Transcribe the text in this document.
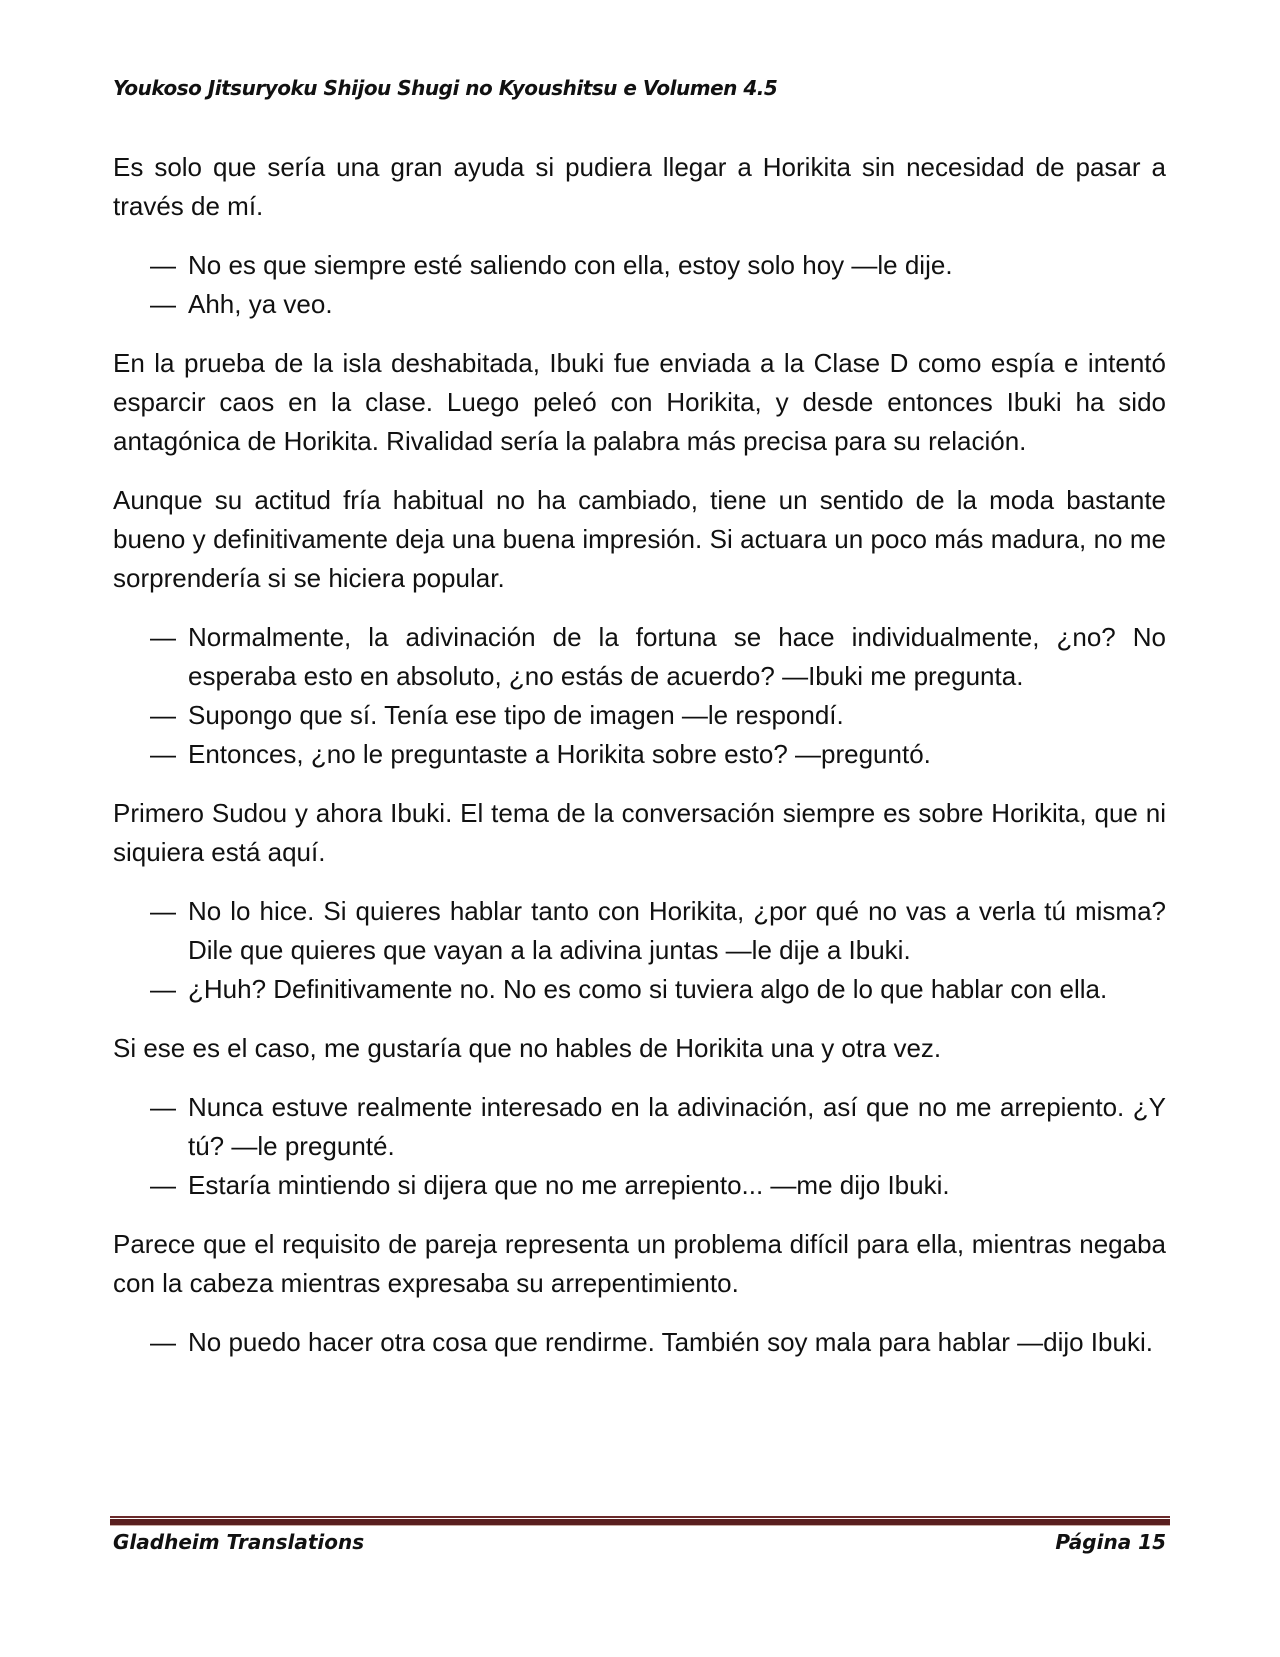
Youkoso Jitsuryoku Shijou Shugi no Kyoushitsu e Volumen 4.5
Es solo que sería una gran ayuda si pudiera llegar a Horikita sin necesidad de pasar a través de mí.
— No es que siempre esté saliendo con ella, estoy solo hoy —le dije.
— Ahh, ya veo.
En la prueba de la isla deshabitada, Ibuki fue enviada a la Clase D como espía e intentó esparcir caos en la clase. Luego peleó con Horikita, y desde entonces Ibuki ha sido antagónica de Horikita. Rivalidad sería la palabra más precisa para su relación.
Aunque su actitud fría habitual no ha cambiado, tiene un sentido de la moda bastante bueno y definitivamente deja una buena impresión. Si actuara un poco más madura, no me sorprendería si se hiciera popular.
— Normalmente, la adivinación de la fortuna se hace individualmente, ¿no? No esperaba esto en absoluto, ¿no estás de acuerdo? —Ibuki me pregunta.
— Supongo que sí. Tenía ese tipo de imagen —le respondí.
— Entonces, ¿no le preguntaste a Horikita sobre esto? —preguntó.
Primero Sudou y ahora Ibuki. El tema de la conversación siempre es sobre Horikita, que ni siquiera está aquí.
— No lo hice. Si quieres hablar tanto con Horikita, ¿por qué no vas a verla tú misma? Dile que quieres que vayan a la adivina juntas —le dije a Ibuki.
— ¿Huh? Definitivamente no. No es como si tuviera algo de lo que hablar con ella.
Si ese es el caso, me gustaría que no hables de Horikita una y otra vez.
— Nunca estuve realmente interesado en la adivinación, así que no me arrepiento. ¿Y tú? —le pregunté.
— Estaría mintiendo si dijera que no me arrepiento... —me dijo Ibuki.
Parece que el requisito de pareja representa un problema difícil para ella, mientras negaba con la cabeza mientras expresaba su arrepentimiento.
— No puedo hacer otra cosa que rendirme. También soy mala para hablar —dijo Ibuki.
Gladheim Translations	Página 15
